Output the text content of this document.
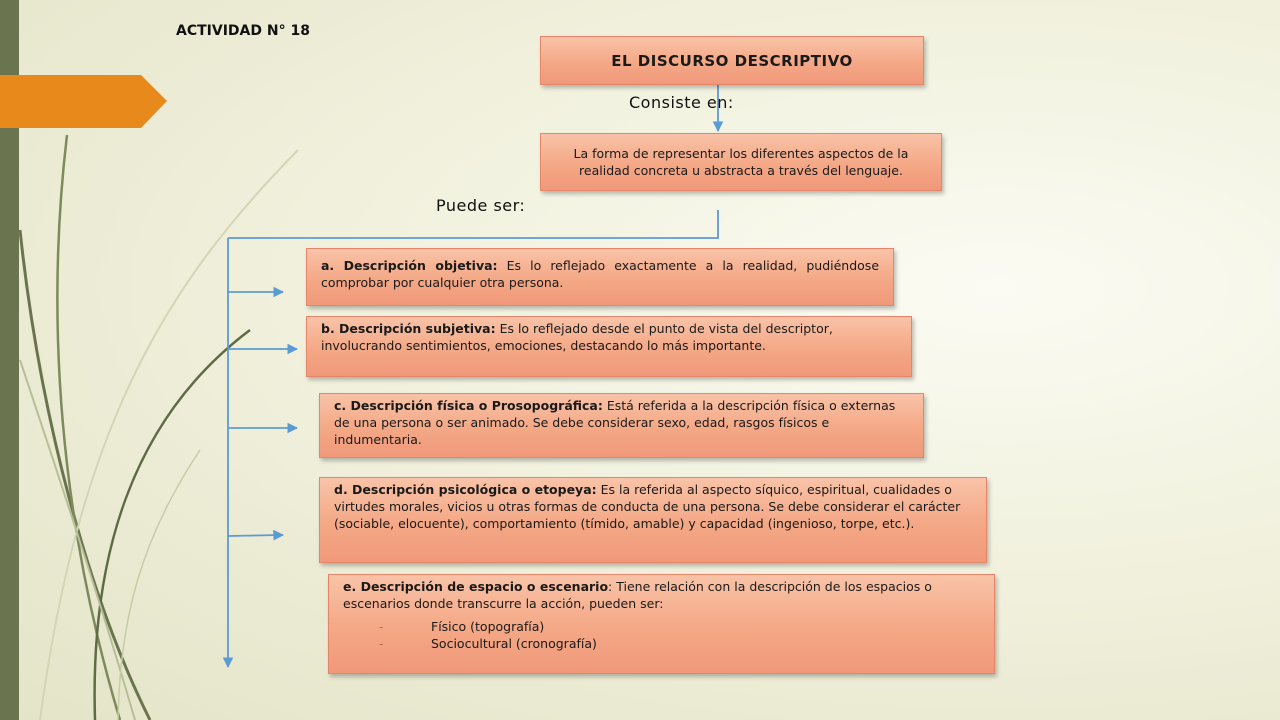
ACTIVIDAD N° 18
EL DISCURSO DESCRIPTIVO

Consiste en:

La forma de representar los diferentes aspectos de la realidad concreta u abstracta a través del lenguaje.

Puede ser:

a. Descripción objetiva: Es lo reflejado exactamente a la realidad, pudiéndose comprobar por cualquier otra persona.

b. Descripción subjetiva: Es lo reflejado desde el punto de vista del descriptor, involucrando sentimientos, emociones, destacando lo más importante.

c. Descripción física o Prosopográfica: Está referida a la descripción física o externas de una persona o ser animado. Se debe considerar sexo, edad, rasgos físicos e indumentaria.

d. Descripción psicológica o etopeya: Es la referida al aspecto síquico, espiritual, cualidades o virtudes morales, vicios u otras formas de conducta de una persona. Se debe considerar el carácter (sociable, elocuente), comportamiento (tímido, amable) y capacidad (ingenioso, torpe, etc.).

e. Descripción de espacio o escenario: Tiene relación con la descripción de los espacios o escenarios donde transcurre la acción, pueden ser:

-	Físico (topografía)
-	Sociocultural (cronografía)
